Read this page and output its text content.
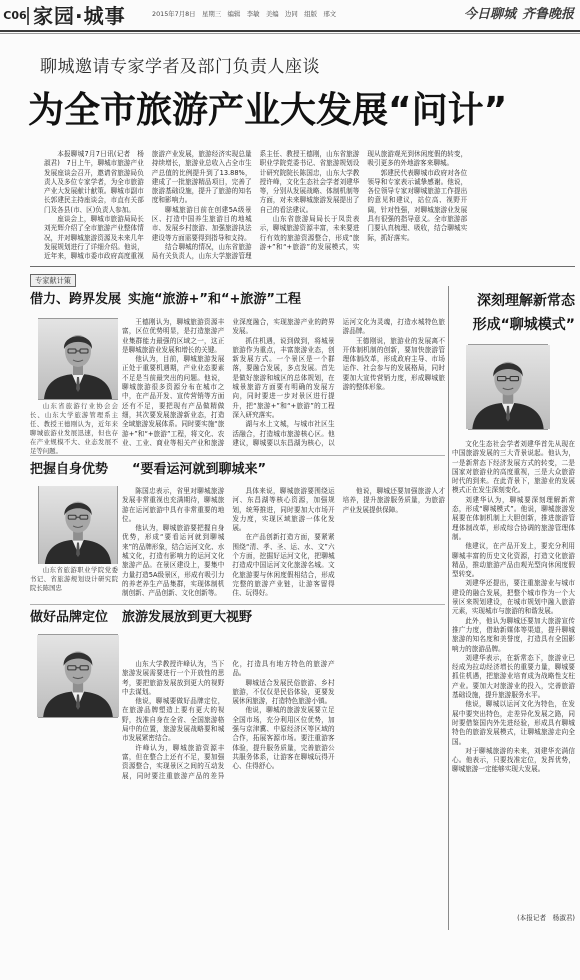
C06 家园·城事	2015年7月8日　星期三　编辑　李敏　美编　边同　组版　邢文	今日聊城 齐鲁晚报
聊城邀请专家学者及部门负责人座谈
为全市旅游产业大发展“问计”

本报聊城7月7日讯(记者　杨淑君)　7日上午，聊城市旅游产业发展座谈会召开，邀请省旅游局负责人及多位专家学者，为全市旅游产业大发展献计献策。聊城市副市长郭建民主持座谈会，市直有关部门及各县(市、区)负责人参加。

座谈会上，聊城市旅游局局长刘光辉介绍了全市旅游产业整体情况，并对聊城旅游资源及未来几年发展规划进行了详细介绍。他说，近年来，聊城市委市政府高度重视旅游产业发展，旅游经济实现总量持续增长，旅游业总收入占全市生产总值的比例提升到了13.88%，建成了一批旅游精品项目，完善了旅游基础设施，提升了旅游的知名度和影响力。

聊城旅游目前在创建5A级景区、打造中国养生旅游目的地城市、发展乡村旅游、加强旅游执法建设等方面需要得到指导和支持。

结合聊城的情况，山东省旅游局有关负责人，山东大学旅游管理系主任、教授王德刚，山东省旅游职业学院党委书记、省旅游规划设计研究院院长陈国忠，山东大学教授许峰，文化生态社会学者刘建华等，分别从发展战略、体制机制等方面，对未来聊城旅游发展提出了自己的看法建议。

山东省旅游局局长于凤贵表示，聊城旅游资源丰富，未来要进行有效的旅游资源整合，形成“旅游+”和“+旅游”的发展模式，实现从旅游观光到休闲度假的转变，吸引更多的外地游客来聊城。

郭建民代表聊城市政府对各位领导和专家表示诚挚感谢。他说，各位领导专家对聊城旅游工作提出的意见和建议，站位高、视野开阔，针对性强，对聊城旅游业发展具有很强的指导意义。全市旅游部门要认真梳理、吸收，结合聊城实际，抓好落实。

专家献计策
借力、跨界发展 实施“旅游+”和“+旅游”工程

山东省旅游行业协会会长、山东大学旅游管理系主任、教授王德刚认为，近年来聊城旅游业发展迅速，但也存在产业规模不大、业态发展不足等问题。

王德刚认为，聊城旅游资源丰富，区位优势明显，是打造旅游产业集群能力最强的区域之一，这正是聊城旅游业发展和增长的关键。

他认为，目前，聊城旅游发展正处于重要机遇期，产业业态要素不足是当前最突出的问题。他说，聊城旅游很多资源分布在城市之中，在产品开发、宣传营销等方面还有不足，要把现有产品做精做细，其次要发展旅游新业态，打造全域旅游发展体系。同时要实施“旅游+”和“+旅游”工程，将文化、农业、工业、商业等相关产业和旅游业深度融合，实现旅游产业的跨界发展。

抓住机遇，说到做到，将城景旅游作为重点，丰富旅游业态，创新发展方式。一个景区是一个群落，要融合发展，多点发展。首先是做好旅游和城区的总体规划，在城景旅游方面要有明确的发展方向，同时要进一步对景区进行提升，把“旅游+”和“+旅游”的工程深入研究落实。

湖与水上文城，与城市社区生活融合，打造城市旅游核心区。他建议，聊城要以东昌湖为核心，以运河文化为灵魂，打造水城特色旅游品牌。

王德刚说，旅游业的发展离不开体制机制的创新，要加快旅游管理体制改革，形成政府主导、市场运作、社会参与的发展格局，同时要加大宣传营销力度，形成聊城旅游的整体形象。

把握自身优势 “要看运河就到聊城来”

山东省旅游职业学院党委书记、省旅游规划设计研究院院长陈国忠

陈国忠表示，省里对聊城旅游发展非常重视也充满期待，聊城旅游在运河旅游中具有非常重要的地位。

他认为，聊城旅游要把握自身优势，形成“要看运河就到聊城来”的品牌形象，结合运河文化、水城文化，打造有影响力的运河文化旅游产品。在景区建设上，要集中力量打造5A级景区，形成有吸引力的养老养生产品集群，实现体制机制创新、产品创新、文化创新等。

具体来说，聊城旅游要围绕运河、东昌湖等核心资源，加强规划，统筹推进，同时要加大市场开发力度，实现区域旅游一体化发展。

在产品创新打造方面，要紧紧围绕“清、孝、圣、运、水、文”六个方面，挖掘好运河文化，把聊城打造成中国运河文化旅游名城。文化旅游要与休闲度假相结合，形成完整的旅游产业链，让游客留得住、玩得好。

他说，聊城还要加强旅游人才培养，提升旅游服务质量，为旅游产业发展提供保障。

做好品牌定位 旅游发展放到更大视野

山东大学教授许峰认为，当下旅游发展需要进行一个开放性的思考，要把旅游发展放到更大的视野中去谋划。

他说，聊城要做好品牌定位，在旅游品牌塑造上要有更大的视野，找准自身在全省、全国旅游格局中的位置，旅游发展战略要和城市发展紧密结合。

许峰认为，聊城旅游资源丰富，但在整合上还有不足，要加强资源整合，实现景区之间的互动发展，同时要注重旅游产品的差异化，打造具有地方特色的旅游产品。

聊城适合发展民俗旅游、乡村旅游，不仅仅是民俗体验，更要发展休闲旅游，打造特色旅游小镇。

他说，聊城的旅游发展要立足全国市场，充分利用区位优势，加强与京津冀、中原经济区等区域的合作，拓展客源市场。要注重游客体验，提升服务质量，完善旅游公共服务体系，让游客在聊城玩得开心、住得舒心。

深刻理解新常态
形成“聊城模式”

文化生态社会学者刘建华首先从现在中国旅游发展的三大背景说起。他认为，一是新常态下经济发展方式的转变，二是国家对旅游业的高度重视，三是大众旅游时代的到来。在此背景下，旅游业的发展模式正在发生深刻变化。

刘建华认为，聊城要深刻理解新常态，形成“聊城模式”。他说，聊城旅游发展要在体制机制上大胆创新，推进旅游管理体制改革，形成综合协调的旅游管理体制。

他建议，在产品开发上，要充分利用聊城丰富的历史文化资源，打造文化旅游精品，推动旅游产品由观光型向休闲度假型转变。

刘建华还提出，要注重旅游业与城市建设的融合发展，把整个城市作为一个大景区来规划建设，在城市规划中融入旅游元素，实现城市与旅游的和谐发展。

此外，他认为聊城还要加大旅游宣传推广力度，借助新媒体等渠道，提升聊城旅游的知名度和美誉度，打造具有全国影响力的旅游品牌。

刘建华表示，在新常态下，旅游业已经成为拉动经济增长的重要力量，聊城要抓住机遇，把旅游业培育成为战略性支柱产业。要加大对旅游业的投入，完善旅游基础设施，提升旅游服务水平。

他说，聊城以运河文化为特色，在发展中要突出特色，走差异化发展之路，同时要借鉴国内外先进经验，形成具有聊城特色的旅游发展模式，让聊城旅游走向全国。

对于聊城旅游的未来，刘建华充满信心。他表示，只要找准定位，发挥优势，聊城旅游一定能够实现大发展。

(本报记者　杨淑君)
